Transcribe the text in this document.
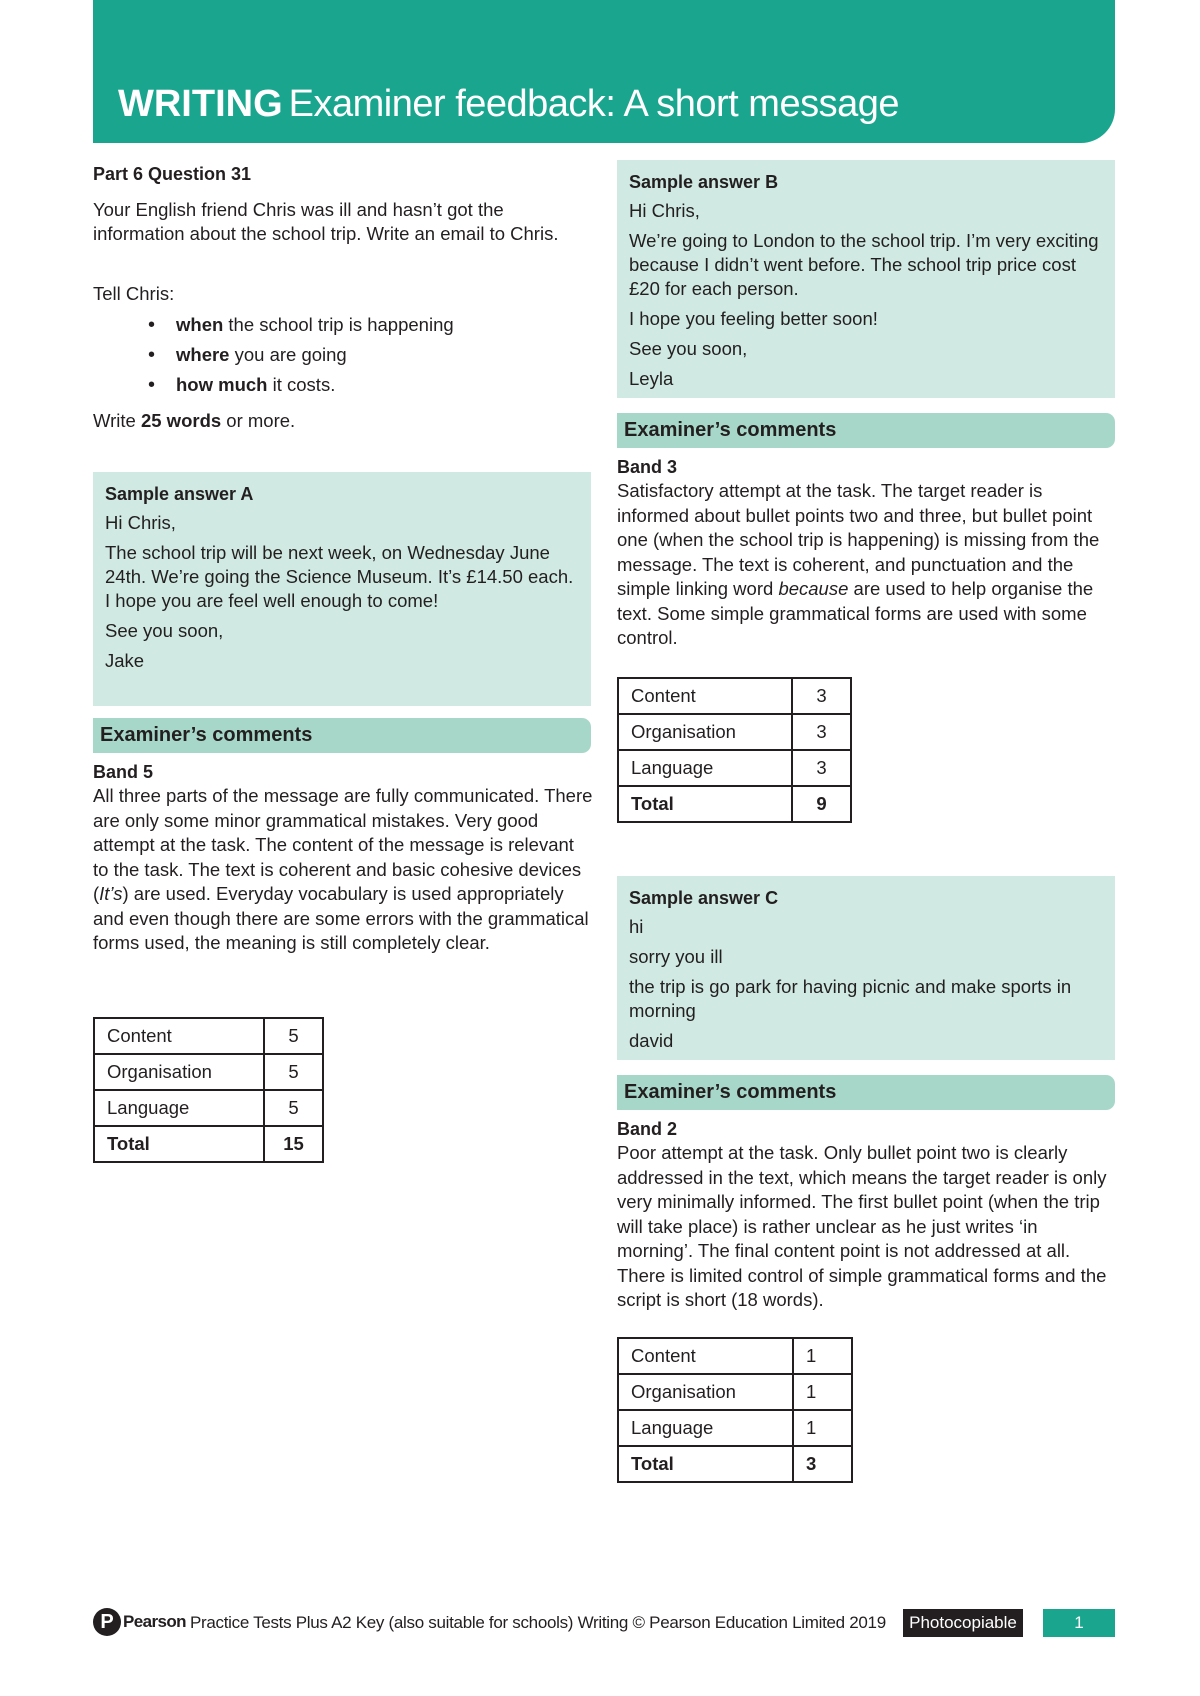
WRITING Examiner feedback: A short message

Part 6 Question 31

Your English friend Chris was ill and hasn’t got the information about the school trip. Write an email to Chris.

Tell Chris:

• when the school trip is happening
• where you are going
• how much it costs.

Write 25 words or more.

Sample answer A

Hi Chris,

The school trip will be next week, on Wednesday June 24th. We’re going the Science Museum. It’s £14.50 each. I hope you are feel well enough to come!

See you soon,

Jake

Examiner’s comments

Band 5

All three parts of the message are fully communicated. There are only some minor grammatical mistakes. Very good attempt at the task. The content of the message is relevant to the task. The text is coherent and basic cohesive devices (It’s) are used. Everyday vocabulary is used appropriately and even though there are some errors with the grammatical forms used, the meaning is still completely clear.

Content	5
Organisation	5
Language	5
Total	15

Sample answer B

Hi Chris,

We’re going to London to the school trip. I’m very exciting because I didn’t went before. The school trip price cost £20 for each person.

I hope you feeling better soon!

See you soon,

Leyla

Examiner’s comments

Band 3

Satisfactory attempt at the task. The target reader is informed about bullet points two and three, but bullet point one (when the school trip is happening) is missing from the message. The text is coherent, and punctuation and the simple linking word because are used to help organise the text. Some simple grammatical forms are used with some control.

Content	3
Organisation	3
Language	3
Total	9

Sample answer C

hi

sorry you ill

the trip is go park for having picnic and make sports in morning

david

Examiner’s comments

Band 2

Poor attempt at the task. Only bullet point two is clearly addressed in the text, which means the target reader is only very minimally informed. The first bullet point (when the trip will take place) is rather unclear as he just writes ‘in morning’. The final content point is not addressed at all. There is limited control of simple grammatical forms and the script is short (18 words).

Content	1
Organisation	1
Language	1
Total	3
P Pearson Practice Tests Plus A2 Key (also suitable for schools) Writing © Pearson Education Limited 2019	Photocopiable	1
